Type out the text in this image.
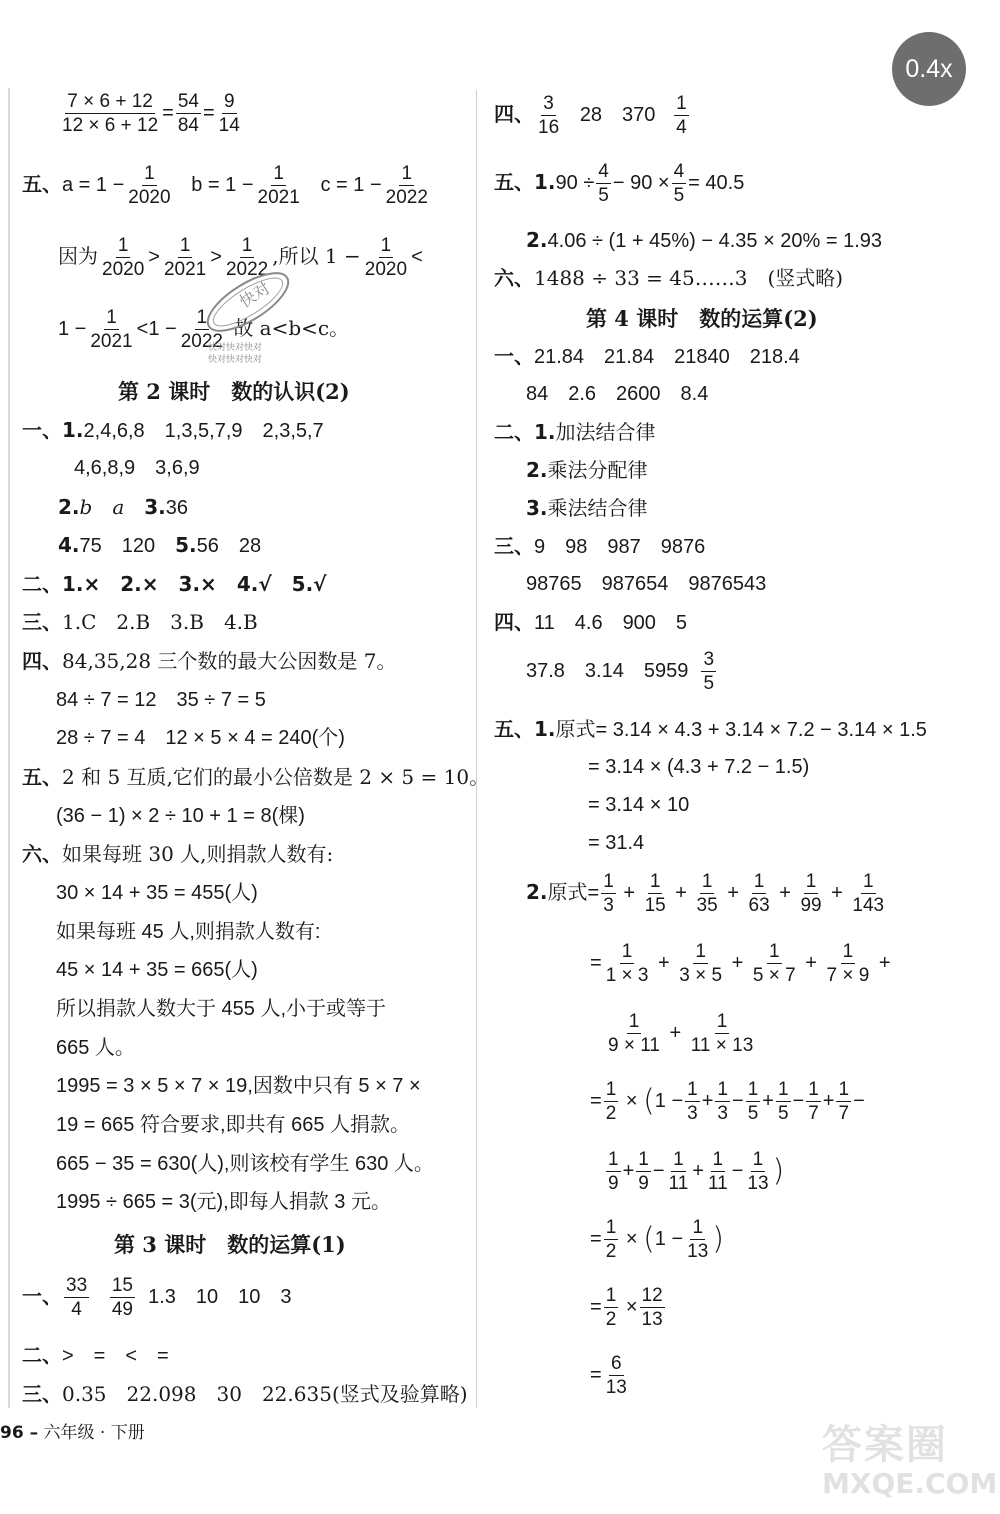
$\frac{7 \times 6 + 12}{12 \times 6 + 12} = \frac{54}{84} = \frac{9}{14}$
五、$a = 1 - \frac{1}{2020}$ $b = 1 - \frac{1}{2021}$ $c = 1 - \frac{1}{2022}$
因为 $\frac{1}{2020} > \frac{1}{2021} > \frac{1}{2022}$ ,所以 $1 - \frac{1}{2020}$ <
$1 - \frac{1}{2021} <1 - \frac{1}{2022}$ 故 a<b<c。
快对
快对快对快对
快对快对快对
第 2 课时　数的认识(2)
一、1.2,4,6,8　1,3,5,7,9　2,3,5,7
4,6,8,9　3,6,9
2.b　a　3.36
4.75　120　5.56　28
二、1.×　2.×　3.×　4.√　5.√
三、1.C　2.B　3.B　4.B
四、84,35,28 三个数的最大公因数是 7。
84 ÷ 7 = 12　35 ÷ 7 = 5
28 ÷ 7 = 4　12 × 5 × 4 = 240(个)
五、2 和 5 互质,它们的最小公倍数是 2 × 5 = 10。
(36 − 1) × 2 ÷ 10 + 1 = 8(棵)
六、如果每班 30 人,则捐款人数有:
30 × 14 + 35 = 455(人)
如果每班 45 人,则捐款人数有:
45 × 14 + 35 = 665(人)
所以捐款人数大于 455 人,小于或等于
665 人。
1995 = 3 × 5 × 7 × 19,因数中只有 5 × 7 ×
19 = 665 符合要求,即共有 665 人捐款。
665 − 35 = 630(人),则该校有学生 630 人。
1995 ÷ 665 = 3(元),即每人捐款 3 元。
第 3 课时　数的运算(1)
一、 $\frac{33}{4}$
$\frac{15}{49} 1.3$　10　10　3
二、>　=　<　=
三、0.35　22.098　30　22.635(竖式及验算略)
四、 $\frac{3}{16} 28$　$370 \frac{1}{4}$
五、$1.90 \div \frac{4}{5} - 90 \times \frac{4}{5} = 40.5$
2.4.06 ÷ (1 + 45%) − 4.35 × 20% = 1.93
六、1488 ÷ 33 = 45……3　(竖式略)
第 4 课时　数的运算(2)
一、21.84　21.84　21840　218.4
84　2.6　2600　8.4
二、1.加法结合律
2.乘法分配律
3.乘法结合律
三、9　98　987　9876
98765　987654　9876543
四、11　4.6　900　5
37.8　3.14　$5959 \frac{3}{5}$
五、1.原式= 3.14 × 4.3 + 3.14 × 7.2 − 3.14 × 1.5
= 3.14 × (4.3 + 7.2 − 1.5)
= 3.14 × 10
= 31.4
2.原式= $\frac{1}{3} + \frac{1}{15} + \frac{1}{35} + \frac{1}{63} + \frac{1}{99} + \frac{1}{143}$
= $\frac{1}{1 \times 3} + \frac{1}{3 \times 5} + \frac{1}{5 \times 7} + \frac{1}{7 \times 9}$ +
$\frac{1}{9 \times 11} + \frac{1}{11 \times 13}$
= $\frac{1}{2} \times (1 - \frac{1}{3} + \frac{1}{3} - \frac{1}{5} + \frac{1}{5} - \frac{1}{7} + \frac{1}{7}$ −
$\frac{1}{9} + \frac{1}{9} - \frac{1}{11} + \frac{1}{11} - \frac{1}{13}$ )
= $\frac{1}{2} \times (1 - \frac{1}{13}$ )
= $\frac{1}{2} \times \frac{12}{13}$
= $\frac{6}{13}$
0.4x
96 – 六年级 · 下册	答案圈
MXQE.COM
